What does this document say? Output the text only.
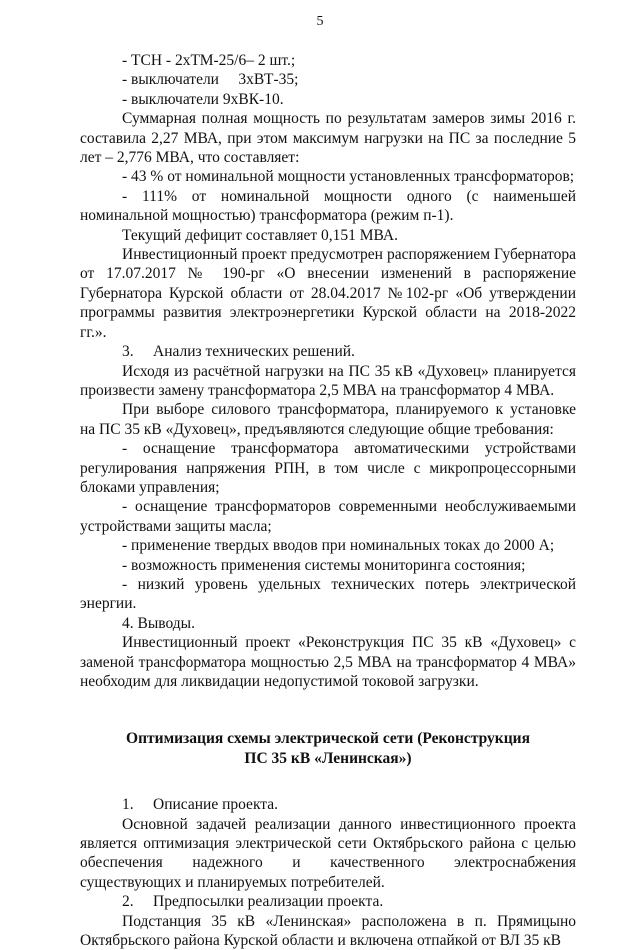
5

- ТСН - 2хТМ-25/6– 2 шт.;

- выключатели     3хВТ-35;

- выключатели 9хВК-10.

Суммарная полная мощность по результатам замеров зимы 2016 г. составила 2,27 МВА, при этом максимум нагрузки на ПС за последние 5 лет – 2,776 МВА, что составляет:

- 43 % от номинальной мощности установленных трансформаторов;

- 111% от номинальной мощности одного (с наименьшей номинальной мощностью) трансформатора (режим п-1).

Текущий дефицит составляет 0,151 МВА.

Инвестиционный проект предусмотрен распоряжением Губернатора от 17.07.2017 № 190-рг «О внесении изменений в распоряжение Губернатора Курской области от 28.04.2017 №102-рг «Об утверждении программы развития электроэнергетики Курской области на 2018-2022 гг.».

3.     Анализ технических решений.

Исходя из расчётной нагрузки на ПС 35 кВ «Духовец» планируется произвести замену трансформатора 2,5 МВА на трансформатор 4 МВА.

При выборе силового трансформатора, планируемого к установке на ПС 35 кВ «Духовец», предъявляются следующие общие требования:

- оснащение трансформатора автоматическими устройствами регулирования напряжения РПН, в том числе с микропроцессорными блоками управления;

- оснащение трансформаторов современными необслуживаемыми устройствами защиты масла;

- применение твердых вводов при номинальных токах до 2000 А;

- возможность применения системы мониторинга состояния;

- низкий уровень удельных технических потерь электрической энергии.

4. Выводы.

Инвестиционный проект «Реконструкция ПС 35 кВ «Духовец» с заменой трансформатора мощностью 2,5 МВА на трансформатор 4 МВА» необходим для ликвидации недопустимой токовой загрузки.

Оптимизация схемы электрической сети (Реконструкция
ПС 35 кВ «Ленинская»)

1.     Описание проекта.

Основной задачей реализации данного инвестиционного проекта является оптимизация электрической сети Октябрьского района с целью обеспечения надежного и качественного электроснабжения существующих и планируемых потребителей.

2.     Предпосылки реализации проекта.

Подстанция 35 кВ «Ленинская» расположена в п. Прямицыно Октябрьского района Курской области и включена отпайкой от ВЛ 35 кВ
